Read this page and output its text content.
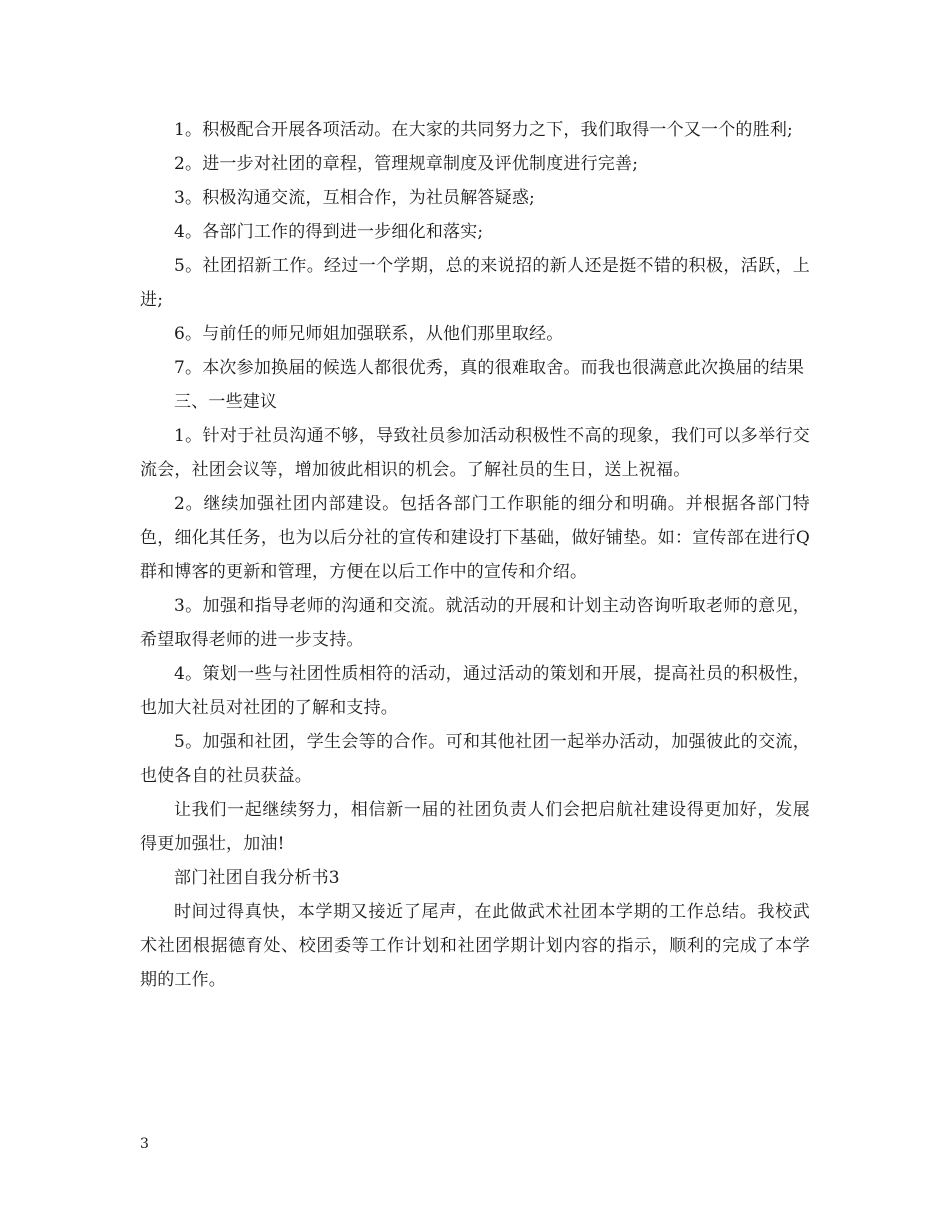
1。积极配合开展各项活动。在大家的共同努力之下，我们取得一个又一个的胜利;

2。进一步对社团的章程，管理规章制度及评优制度进行完善;

3。积极沟通交流，互相合作，为社员解答疑惑;

4。各部门工作的得到进一步细化和落实;

5。社团招新工作。经过一个学期，总的来说招的新人还是挺不错的积极，活跃，上进;

6。与前任的师兄师姐加强联系，从他们那里取经。

7。本次参加换届的候选人都很优秀，真的很难取舍。而我也很满意此次换届的结果

三、一些建议

1。针对于社员沟通不够，导致社员参加活动积极性不高的现象，我们可以多举行交流会，社团会议等，增加彼此相识的机会。了解社员的生日，送上祝福。

2。继续加强社团内部建设。包括各部门工作职能的细分和明确。并根据各部门特色，细化其任务，也为以后分社的宣传和建设打下基础，做好铺垫。如：宣传部在进行Q群和博客的更新和管理，方便在以后工作中的宣传和介绍。

3。加强和指导老师的沟通和交流。就活动的开展和计划主动咨询听取老师的意见，希望取得老师的进一步支持。

4。策划一些与社团性质相符的活动，通过活动的策划和开展，提高社员的积极性，也加大社员对社团的了解和支持。

5。加强和社团，学生会等的合作。可和其他社团一起举办活动，加强彼此的交流，也使各自的社员获益。

让我们一起继续努力，相信新一届的社团负责人们会把启航社建设得更加好，发展得更加强壮，加油!

部门社团自我分析书3

时间过得真快，本学期又接近了尾声，在此做武术社团本学期的工作总结。我校武术社团根据德育处、校团委等工作计划和社团学期计划内容的指示，顺利的完成了本学期的工作。

3
